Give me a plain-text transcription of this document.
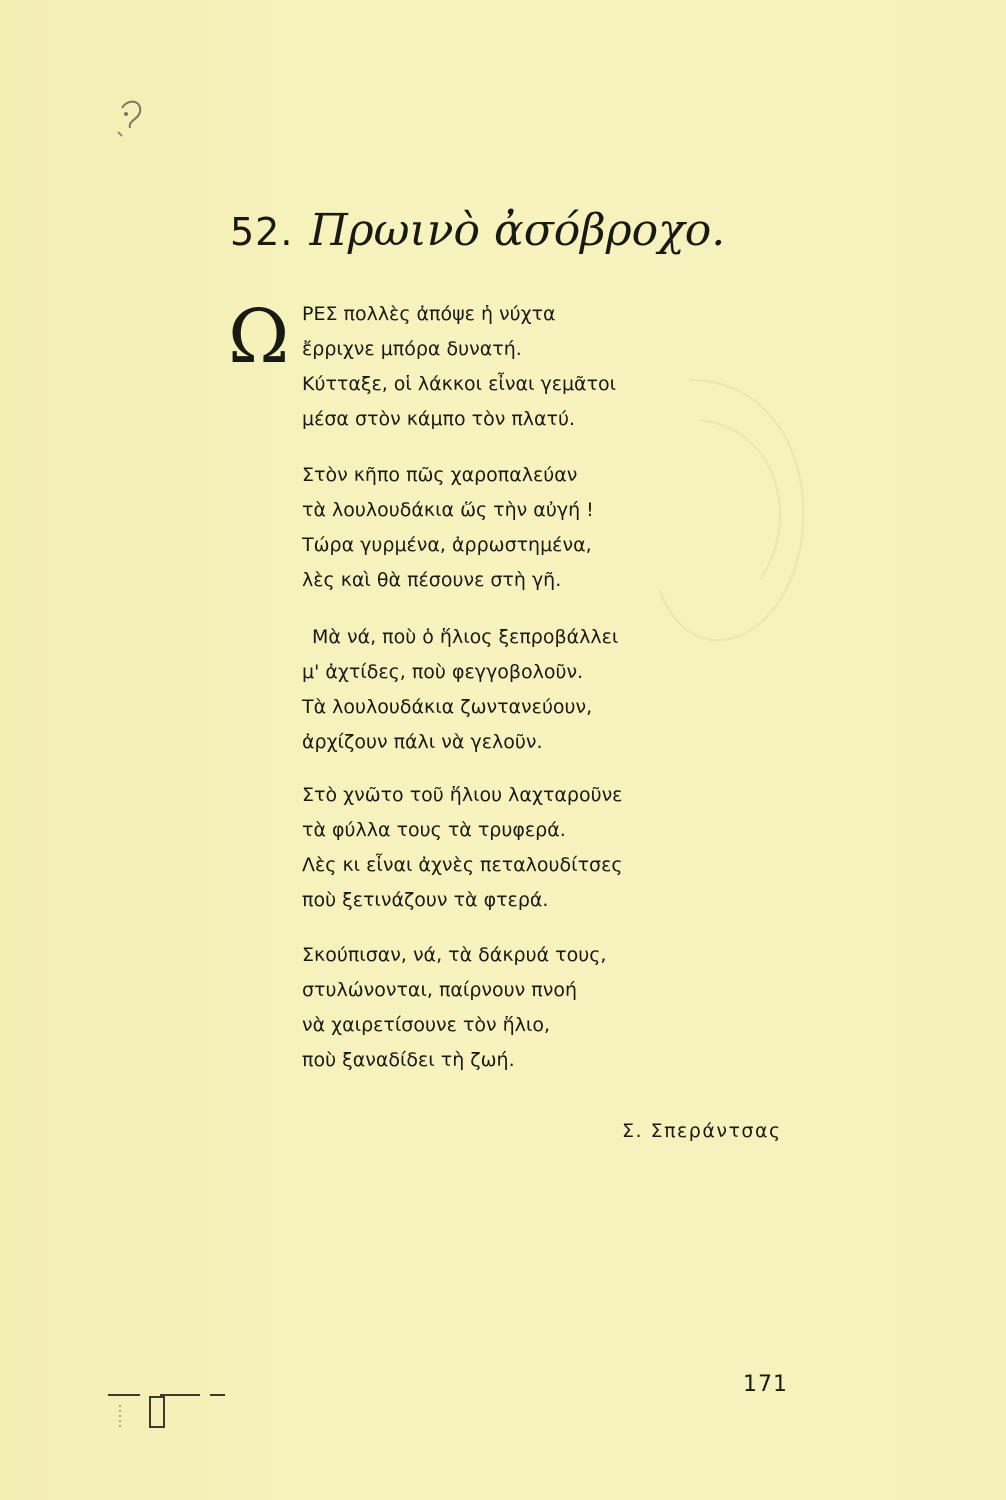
52. Πρωινὸ ἀσόβροχο.
Ω ΡΕΣ πολλὲς ἀπόψε ἡ νύχτα
ἔρριχνε μπόρα δυνατή.
Κύτταξε, οἱ λάκκοι εἶναι γεμᾶτοι
μέσα στὸν κάμπο τὸν πλατύ.
Στὸν κῆπο πῶς χαροπαλεύαν
τὰ λουλουδάκια ὥς τὴν αὐγή !
Τώρα γυρμένα, ἀρρωστημένα,
λὲς καὶ θὰ πέσουνε στὴ γῆ.
Μὰ νά, ποὺ ὁ ἥλιος ξεπροβάλλει
μ' ἀχτίδες, ποὺ φεγγοβολοῦν.
Τὰ λουλουδάκια ζωντανεύουν,
ἀρχίζουν πάλι νὰ γελοῦν.
Στὸ χνῶτο τοῦ ἥλιου λαχταροῦνε
τὰ φύλλα τους τὰ τρυφερά.
Λὲς κι εἶναι ἀχνὲς πεταλουδίτσες
ποὺ ξετινάζουν τὰ φτερά.
Σκούπισαν, νά, τὰ δάκρυά τους,
στυλώνονται, παίρνουν πνοή
νὰ χαιρετίσουνε τὸν ἥλιο,
ποὺ ξαναδίδει τὴ ζωή.
Σ. Σπεράντσας
171
